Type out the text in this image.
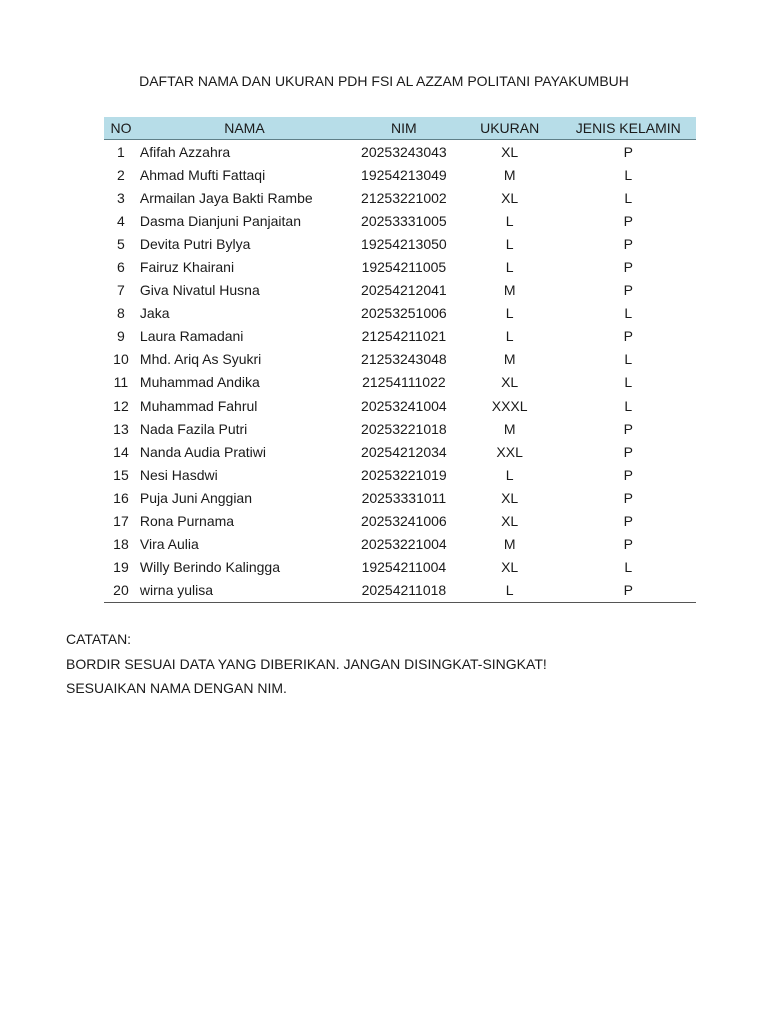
DAFTAR NAMA DAN UKURAN PDH FSI AL AZZAM POLITANI PAYAKUMBUH
NO	NAMA	NIM	UKURAN	JENIS KELAMIN
1	Afifah Azzahra	20253243043	XL	P
2	Ahmad Mufti Fattaqi	19254213049	M	L
3	Armailan Jaya Bakti Rambe	21253221002	XL	L
4	Dasma Dianjuni Panjaitan	20253331005	L	P
5	Devita Putri Bylya	19254213050	L	P
6	Fairuz Khairani	19254211005	L	P
7	Giva Nivatul Husna	20254212041	M	P
8	Jaka	20253251006	L	L
9	Laura Ramadani	21254211021	L	P
10	Mhd. Ariq As Syukri	21253243048	M	L
11	Muhammad Andika	21254111022	XL	L
12	Muhammad Fahrul	20253241004	XXXL	L
13	Nada Fazila Putri	20253221018	M	P
14	Nanda Audia Pratiwi	20254212034	XXL	P
15	Nesi Hasdwi	20253221019	L	P
16	Puja Juni Anggian	20253331011	XL	P
17	Rona Purnama	20253241006	XL	P
18	Vira Aulia	20253221004	M	P
19	Willy Berindo Kalingga	19254211004	XL	L
20	wirna yulisa	20254211018	L	P
CATATAN:
BORDIR SESUAI DATA YANG DIBERIKAN. JANGAN DISINGKAT-SINGKAT!
SESUAIKAN NAMA DENGAN NIM.
